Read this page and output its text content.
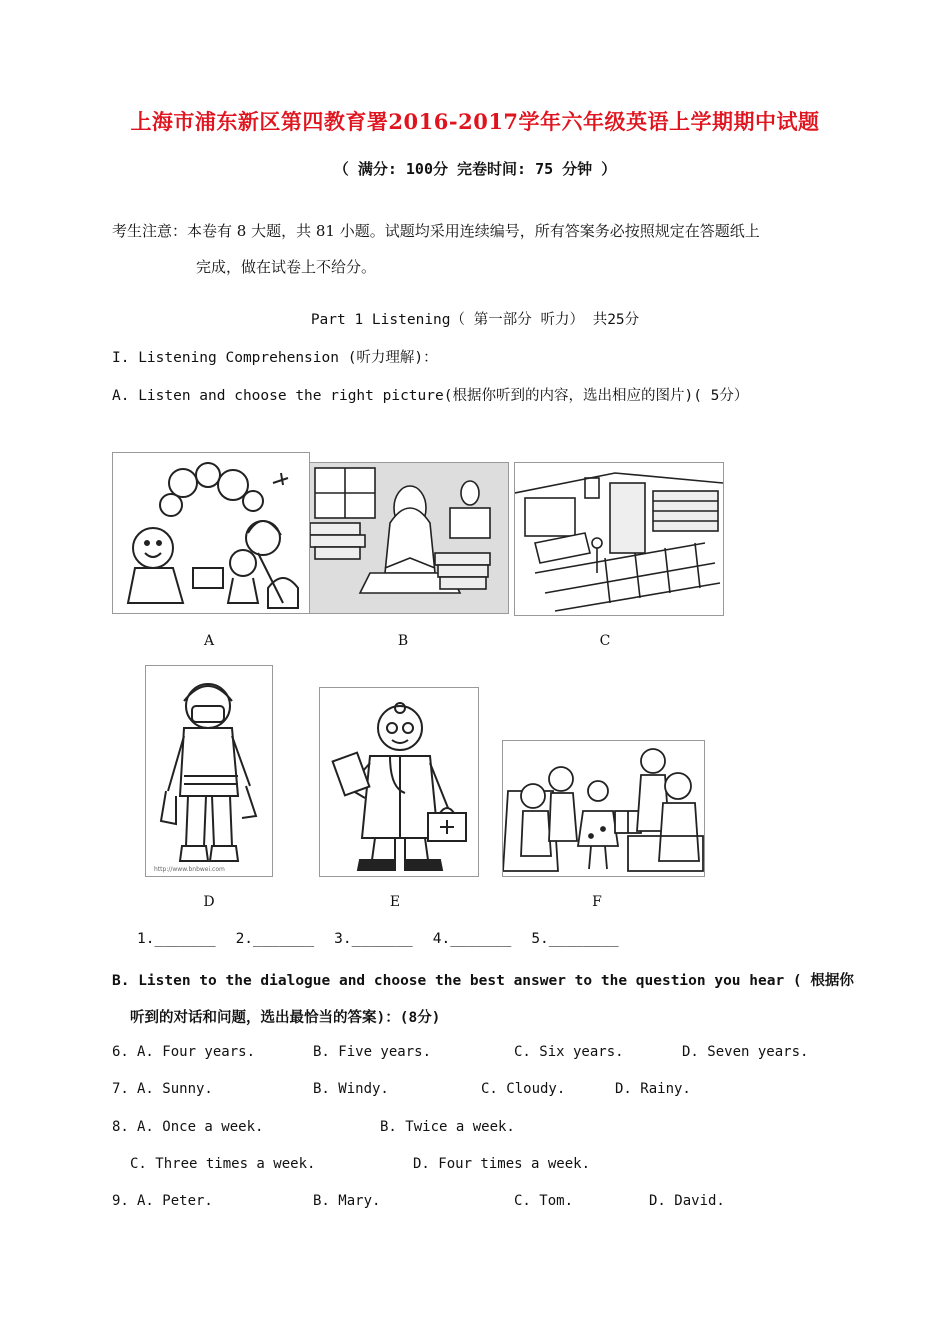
上海市浦东新区第四教育署2016-2017学年六年级英语上学期期中试题
（ 满分: 100分 完卷时间: 75 分钟 ）
考生注意：本卷有 8 大题，共 81 小题。试题均采用连续编号，所有答案务必按照规定在答题纸上
完成，做在试卷上不给分。
Part 1 Listening（ 第一部分 听力） 共25分
I. Listening Comprehension (听力理解)：
A. Listen and choose the right picture(根据你听到的内容，选出相应的图片)( 5分）
A	B	C
http://www.bnbwei.com
D	E	F
1._______ 2._______ 3._______ 4._______ 5.________
B. Listen to the dialogue and choose the best answer to the question you hear ( 根据你
听到的对话和问题，选出最恰当的答案)：(8分)
6. A. Four years.	B. Five years.	C. Six years.	D. Seven years.
7. A. Sunny.	B. Windy.	C. Cloudy.	D. Rainy.
8. A. Once a week.	B. Twice a week.
C. Three times a week.	D. Four times a week.
9. A. Peter.	B. Mary.	C. Tom.	D. David.
